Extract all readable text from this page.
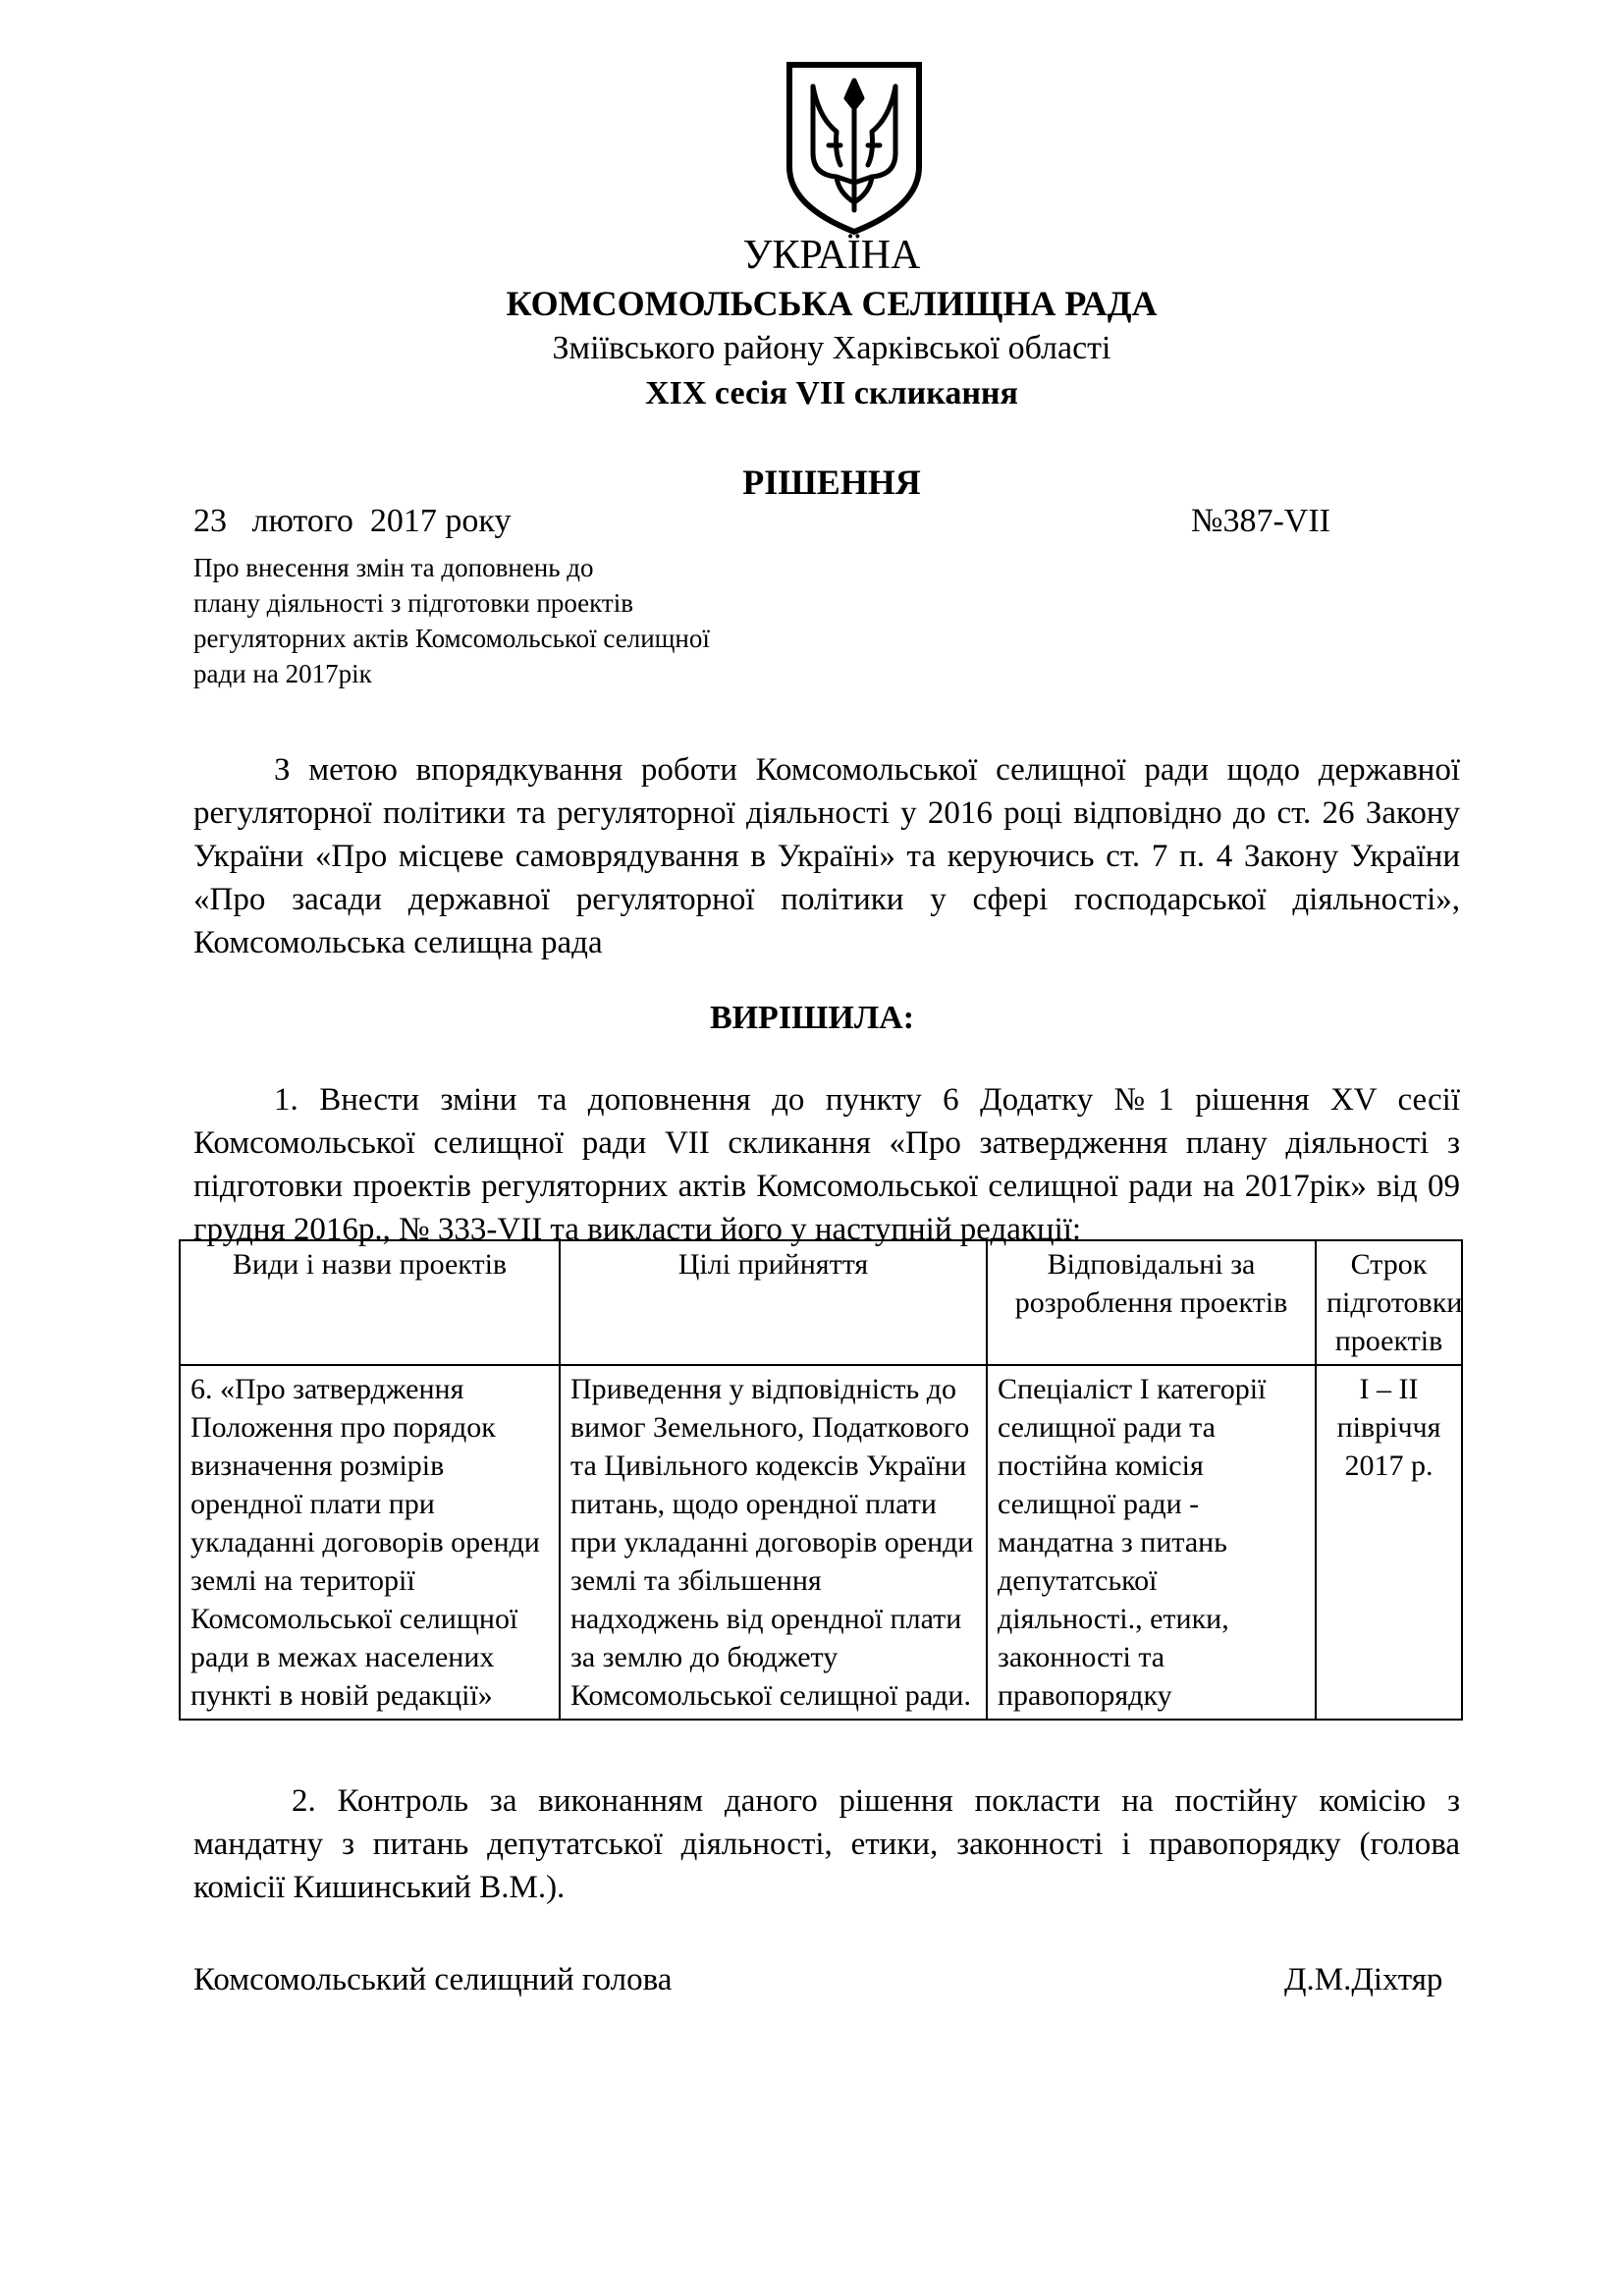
УКРАЇНА
КОМСОМОЛЬСЬКА СЕЛИЩНА РАДА
Зміївського району Харківської області
XIX сесія VII скликання
РІШЕННЯ
23   лютого  2017 року	№387-VII
Про внесення змін та доповнень до
плану діяльності з підготовки проектів
регуляторних актів Комсомольської селищної
ради на 2017рік
З метою впорядкування роботи Комсомольської селищної ради щодо державної регуляторної політики та регуляторної діяльності у 2016 році відповідно до ст. 26 Закону України «Про місцеве самоврядування в Україні» та керуючись ст. 7 п. 4 Закону України «Про засади державної регуляторної політики у сфері господарської діяльності», Комсомольська селищна рада
ВИРІШИЛА:
1. Внести зміни та доповнення до пункту 6 Додатку №1 рішення XV сесії Комсомольської селищної ради VII скликання «Про затвердження плану діяльності з підготовки проектів регуляторних актів Комсомольської селищної ради на 2017рік» від 09 грудня 2016р., № 333-VII та викласти його у наступній редакції:
Види і назви проектів	Цілі прийняття	Відповідальні за розроблення проектів	Строк підготовки проектів
6. «Про затвердження Положення про порядок визначення розмірів орендної плати при укладанні договорів оренди землі на території Комсомольської селищної ради в межах населених пункті в новій редакції»	Приведення у відповідність до вимог Земельного, Податкового та Цивільного кодексів України питань, щодо орендної плати при укладанні договорів оренди землі та збільшення надходжень від орендної плати за землю до бюджету Комсомольської селищної ради.	Спеціаліст I категорії селищної ради та постійна комісія селищної ради - мандатна з питань депутатської діяльності., етики, законності та правопорядку	I – II півріччя 2017 р.
2. Контроль за виконанням даного рішення покласти на постійну комісію з мандатну з питань депутатської діяльності, етики, законності і правопорядку (голова комісії Кишинський В.М.).
Комсомольський селищний голова	Д.М.Діхтяр
